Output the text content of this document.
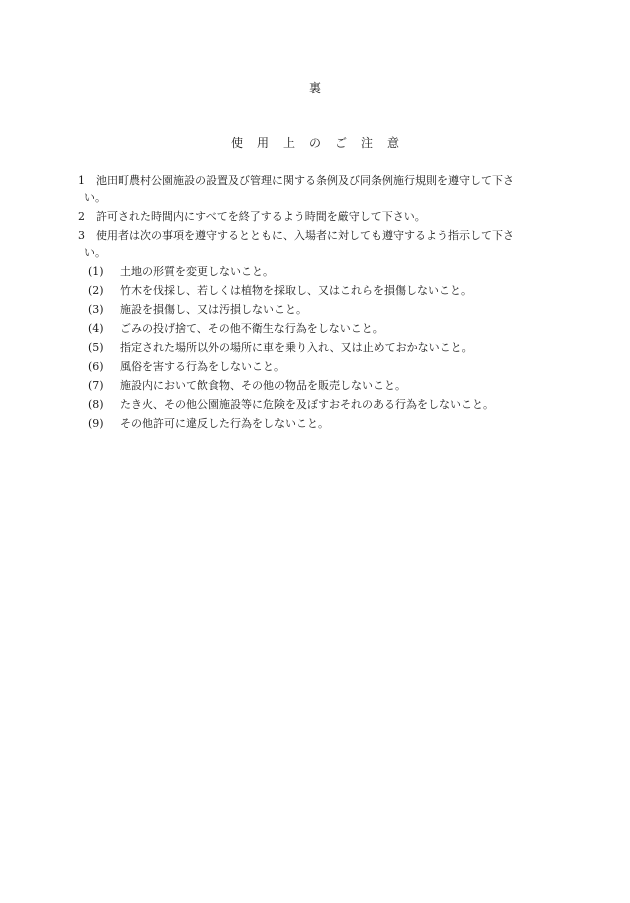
裏
使用上のご注意
1	池田町農村公園施設の設置及び管理に関する条例及び同条例施行規則を遵守して下さ
い。
2	許可された時間内にすべてを終了するよう時間を厳守して下さい。
3	使用者は次の事項を遵守するとともに、入場者に対しても遵守するよう指示して下さ
い。
(1)	土地の形質を変更しないこと。
(2)	竹木を伐採し、若しくは植物を採取し、又はこれらを損傷しないこと。
(3)	施設を損傷し、又は汚損しないこと。
(4)	ごみの投げ捨て、その他不衛生な行為をしないこと。
(5)	指定された場所以外の場所に車を乗り入れ、又は止めておかないこと。
(6)	風俗を害する行為をしないこと。
(7)	施設内において飲食物、その他の物品を販売しないこと。
(8)	たき火、その他公園施設等に危険を及ぼすおそれのある行為をしないこと。
(9)	その他許可に違反した行為をしないこと。
